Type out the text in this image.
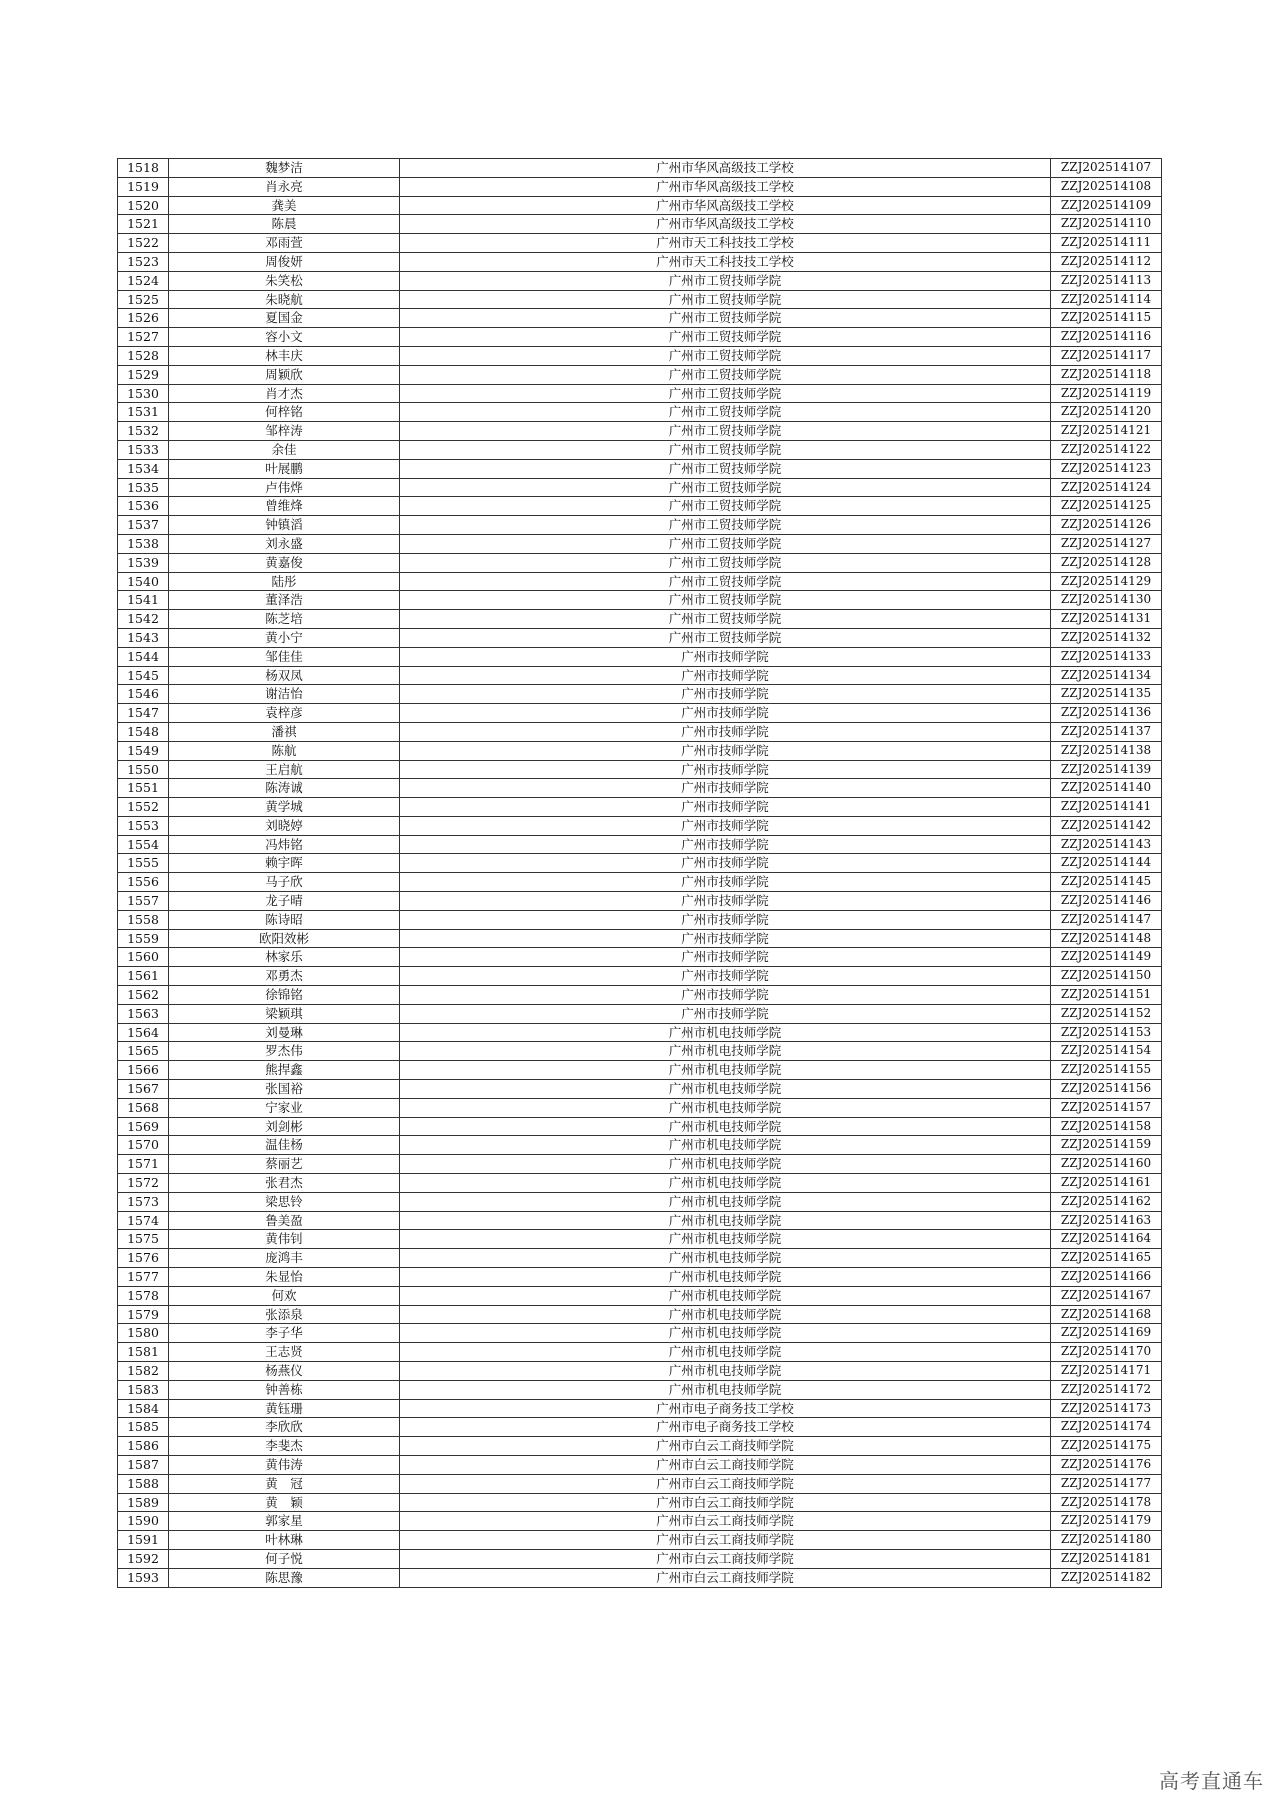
1518	魏梦洁	广州市华风高级技工学校	ZZJ202514107
1519	肖永亮	广州市华风高级技工学校	ZZJ202514108
1520	龚美	广州市华风高级技工学校	ZZJ202514109
1521	陈晨	广州市华风高级技工学校	ZZJ202514110
1522	邓雨萱	广州市天工科技技工学校	ZZJ202514111
1523	周俊妍	广州市天工科技技工学校	ZZJ202514112
1524	朱笑松	广州市工贸技师学院	ZZJ202514113
1525	朱晓航	广州市工贸技师学院	ZZJ202514114
1526	夏国金	广州市工贸技师学院	ZZJ202514115
1527	容小文	广州市工贸技师学院	ZZJ202514116
1528	林丰庆	广州市工贸技师学院	ZZJ202514117
1529	周颖欣	广州市工贸技师学院	ZZJ202514118
1530	肖才杰	广州市工贸技师学院	ZZJ202514119
1531	何梓铭	广州市工贸技师学院	ZZJ202514120
1532	邹梓涛	广州市工贸技师学院	ZZJ202514121
1533	余佳	广州市工贸技师学院	ZZJ202514122
1534	叶展鹏	广州市工贸技师学院	ZZJ202514123
1535	卢伟烨	广州市工贸技师学院	ZZJ202514124
1536	曾维烽	广州市工贸技师学院	ZZJ202514125
1537	钟镇滔	广州市工贸技师学院	ZZJ202514126
1538	刘永盛	广州市工贸技师学院	ZZJ202514127
1539	黄嘉俊	广州市工贸技师学院	ZZJ202514128
1540	陆彤	广州市工贸技师学院	ZZJ202514129
1541	董泽浩	广州市工贸技师学院	ZZJ202514130
1542	陈芝培	广州市工贸技师学院	ZZJ202514131
1543	黄小宁	广州市工贸技师学院	ZZJ202514132
1544	邹佳佳	广州市技师学院	ZZJ202514133
1545	杨双凤	广州市技师学院	ZZJ202514134
1546	谢洁怡	广州市技师学院	ZZJ202514135
1547	袁梓彦	广州市技师学院	ZZJ202514136
1548	潘祺	广州市技师学院	ZZJ202514137
1549	陈航	广州市技师学院	ZZJ202514138
1550	王启航	广州市技师学院	ZZJ202514139
1551	陈涛诚	广州市技师学院	ZZJ202514140
1552	黄学城	广州市技师学院	ZZJ202514141
1553	刘晓婷	广州市技师学院	ZZJ202514142
1554	冯炜铭	广州市技师学院	ZZJ202514143
1555	赖宇晖	广州市技师学院	ZZJ202514144
1556	马子欣	广州市技师学院	ZZJ202514145
1557	龙子晴	广州市技师学院	ZZJ202514146
1558	陈诗昭	广州市技师学院	ZZJ202514147
1559	欧阳效彬	广州市技师学院	ZZJ202514148
1560	林家乐	广州市技师学院	ZZJ202514149
1561	邓勇杰	广州市技师学院	ZZJ202514150
1562	徐锦铭	广州市技师学院	ZZJ202514151
1563	梁颖琪	广州市技师学院	ZZJ202514152
1564	刘曼琳	广州市机电技师学院	ZZJ202514153
1565	罗杰伟	广州市机电技师学院	ZZJ202514154
1566	熊捍鑫	广州市机电技师学院	ZZJ202514155
1567	张国裕	广州市机电技师学院	ZZJ202514156
1568	宁家业	广州市机电技师学院	ZZJ202514157
1569	刘剑彬	广州市机电技师学院	ZZJ202514158
1570	温佳杨	广州市机电技师学院	ZZJ202514159
1571	蔡丽艺	广州市机电技师学院	ZZJ202514160
1572	张君杰	广州市机电技师学院	ZZJ202514161
1573	梁思铃	广州市机电技师学院	ZZJ202514162
1574	鲁美盈	广州市机电技师学院	ZZJ202514163
1575	黄伟钊	广州市机电技师学院	ZZJ202514164
1576	庞鸿丰	广州市机电技师学院	ZZJ202514165
1577	朱显怡	广州市机电技师学院	ZZJ202514166
1578	何欢	广州市机电技师学院	ZZJ202514167
1579	张添泉	广州市机电技师学院	ZZJ202514168
1580	李子华	广州市机电技师学院	ZZJ202514169
1581	王志贤	广州市机电技师学院	ZZJ202514170
1582	杨燕仪	广州市机电技师学院	ZZJ202514171
1583	钟善栋	广州市机电技师学院	ZZJ202514172
1584	黄钰珊	广州市电子商务技工学校	ZZJ202514173
1585	李欣欣	广州市电子商务技工学校	ZZJ202514174
1586	李斐杰	广州市白云工商技师学院	ZZJ202514175
1587	黄伟涛	广州市白云工商技师学院	ZZJ202514176
1588	黄　冠	广州市白云工商技师学院	ZZJ202514177
1589	黄　颖	广州市白云工商技师学院	ZZJ202514178
1590	郭家星	广州市白云工商技师学院	ZZJ202514179
1591	叶林琳	广州市白云工商技师学院	ZZJ202514180
1592	何子悦	广州市白云工商技师学院	ZZJ202514181
1593	陈思豫	广州市白云工商技师学院	ZZJ202514182
高考直通车
